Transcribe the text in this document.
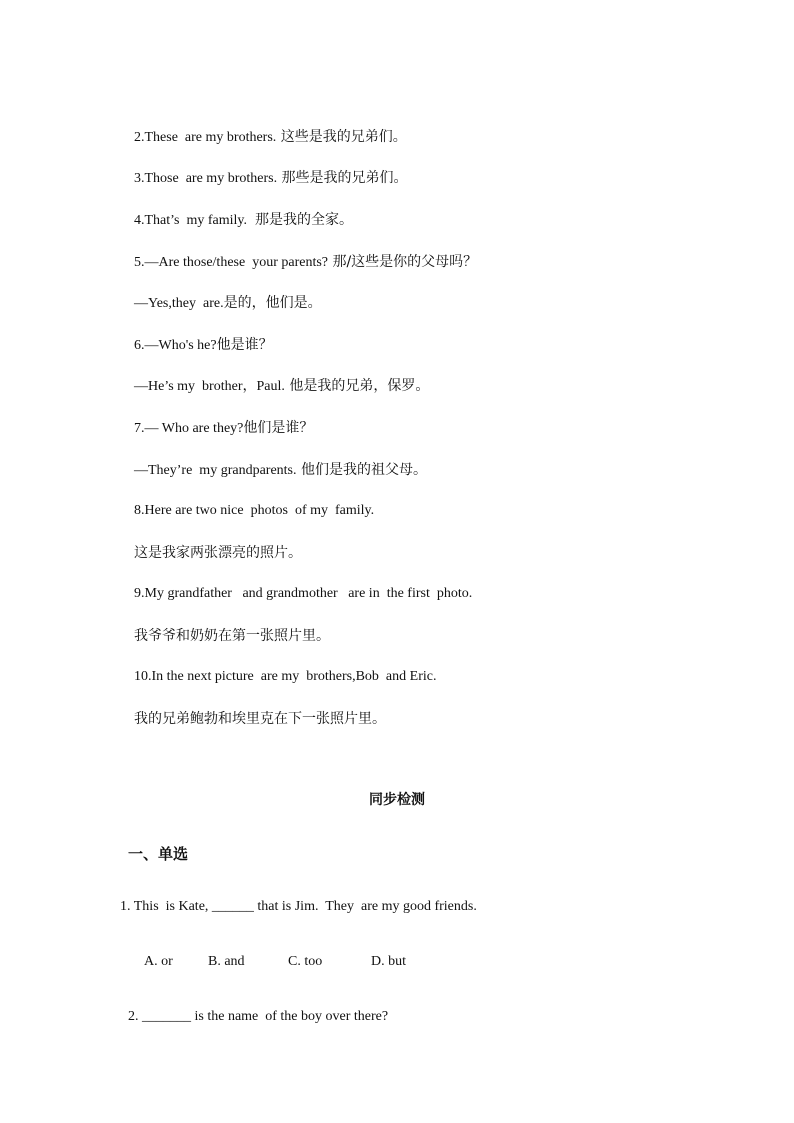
2.These  are my brothers. 这些是我的兄弟们。

3.Those  are my brothers. 那些是我的兄弟们。

4.That’s  my family.  那是我的全家。

5.—Are those/these  your parents? 那/这些是你的父母吗？

—Yes,they  are.是的，他们是。

6.—Who's he?他是谁？

—He’s my  brother，Paul. 他是我的兄弟，保罗。

7.— Who are they?他们是谁？

—They’re  my grandparents. 他们是我的祖父母。

8.Here are two nice  photos  of my  family.

这是我家两张漂亮的照片。

9.My grandfather   and grandmother   are in  the first  photo.

我爷爷和奶奶在第一张照片里。

10.In the next picture  are my  brothers,Bob  and Eric.

我的兄弟鲍勃和埃里克在下一张照片里。

同步检测
一、单选
1. This  is Kate, ______ that is Jim.  They  are my good friends.
A. or	B. and	C. too	D. but
2. _______ is the name  of the boy over there?
